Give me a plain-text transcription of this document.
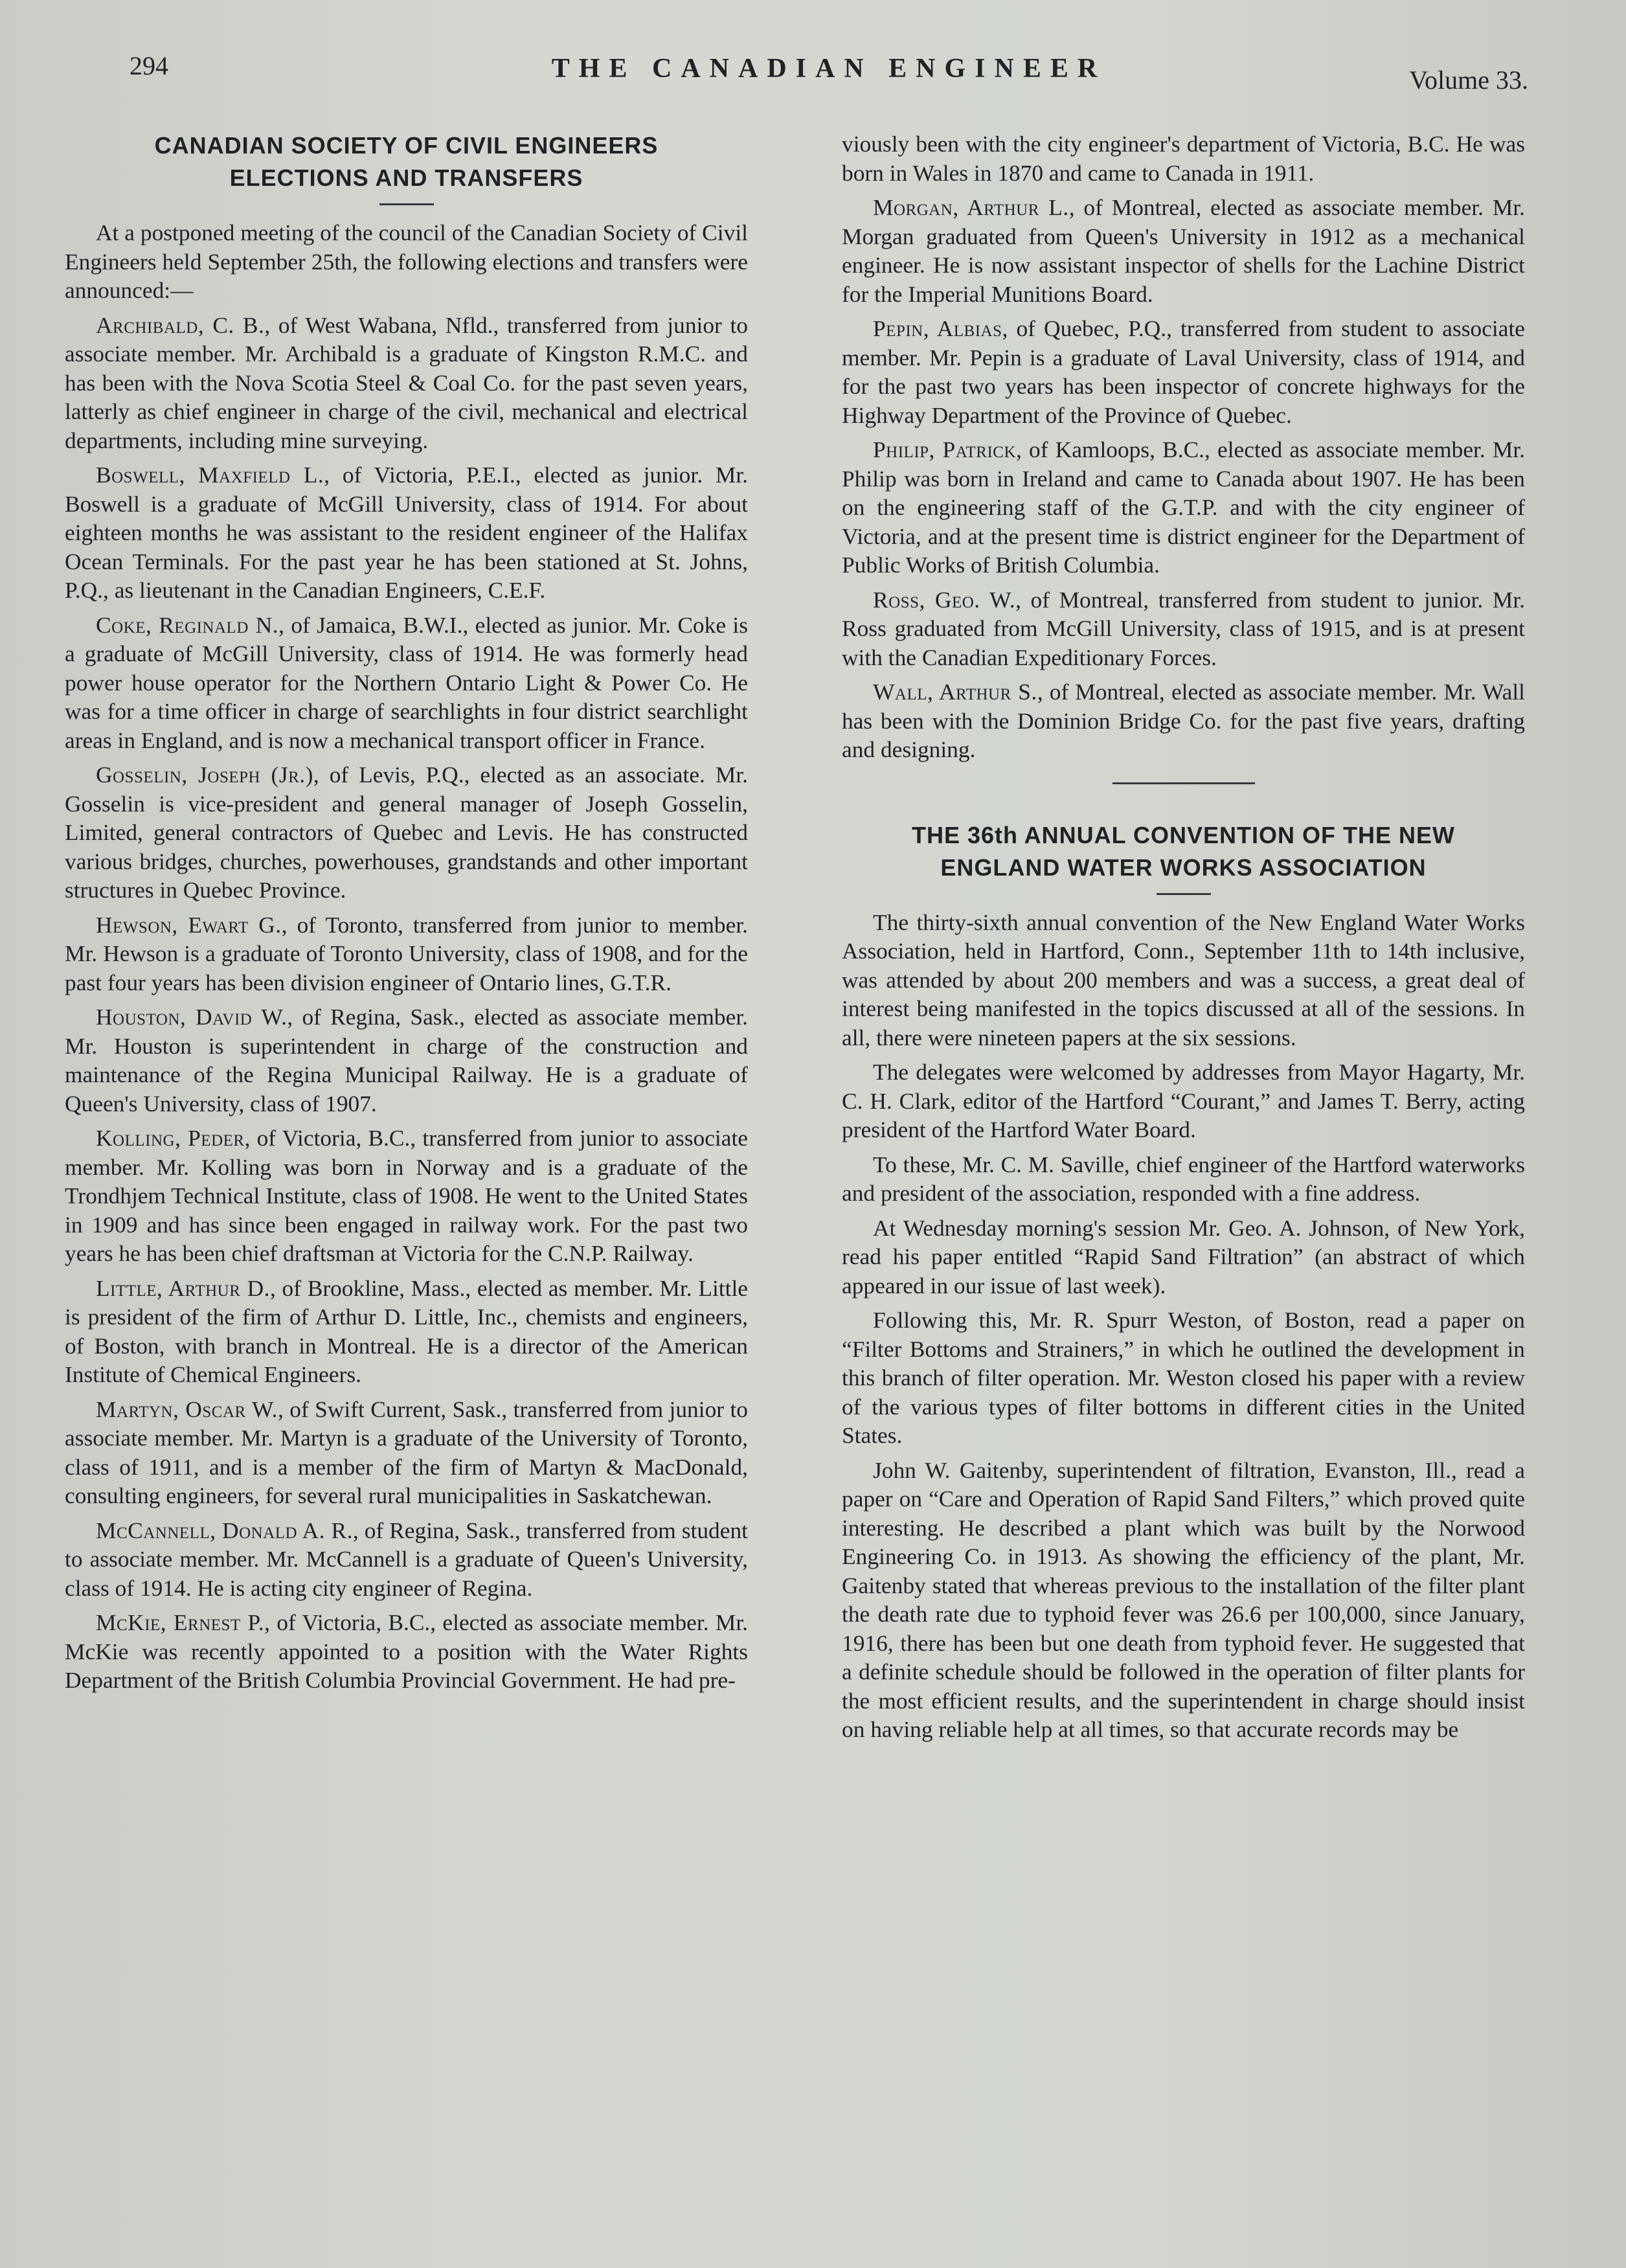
294	THE CANADIAN ENGINEER	Volume 33.
CANADIAN SOCIETY OF CIVIL ENGINEERS
ELECTIONS AND TRANSFERS

At a postponed meeting of the council of the Canadian Society of Civil Engineers held September 25th, the following elections and transfers were announced:—

Archibald, C. B., of West Wabana, Nfld., transferred from junior to associate member. Mr. Archibald is a graduate of Kingston R.M.C. and has been with the Nova Scotia Steel & Coal Co. for the past seven years, latterly as chief engineer in charge of the civil, mechanical and electrical departments, including mine surveying.

Boswell, Maxfield L., of Victoria, P.E.I., elected as junior. Mr. Boswell is a graduate of McGill University, class of 1914. For about eighteen months he was assistant to the resident engineer of the Halifax Ocean Terminals. For the past year he has been stationed at St. Johns, P.Q., as lieutenant in the Canadian Engineers, C.E.F.

Coke, Reginald N., of Jamaica, B.W.I., elected as junior. Mr. Coke is a graduate of McGill University, class of 1914. He was formerly head power house operator for the Northern Ontario Light & Power Co. He was for a time officer in charge of searchlights in four district searchlight areas in England, and is now a mechanical transport officer in France.

Gosselin, Joseph (Jr.), of Levis, P.Q., elected as an associate. Mr. Gosselin is vice-president and general manager of Joseph Gosselin, Limited, general contractors of Quebec and Levis. He has constructed various bridges, churches, powerhouses, grandstands and other important structures in Quebec Province.

Hewson, Ewart G., of Toronto, transferred from junior to member. Mr. Hewson is a graduate of Toronto University, class of 1908, and for the past four years has been division engineer of Ontario lines, G.T.R.

Houston, David W., of Regina, Sask., elected as associate member. Mr. Houston is superintendent in charge of the construction and maintenance of the Regina Municipal Railway. He is a graduate of Queen's University, class of 1907.

Kolling, Peder, of Victoria, B.C., transferred from junior to associate member. Mr. Kolling was born in Norway and is a graduate of the Trondhjem Technical Institute, class of 1908. He went to the United States in 1909 and has since been engaged in railway work. For the past two years he has been chief draftsman at Victoria for the C.N.P. Railway.

Little, Arthur D., of Brookline, Mass., elected as member. Mr. Little is president of the firm of Arthur D. Little, Inc., chemists and engineers, of Boston, with branch in Montreal. He is a director of the American Institute of Chemical Engineers.

Martyn, Oscar W., of Swift Current, Sask., transferred from junior to associate member. Mr. Martyn is a graduate of the University of Toronto, class of 1911, and is a member of the firm of Martyn & MacDonald, consulting engineers, for several rural municipalities in Saskatchewan.

McCannell, Donald A. R., of Regina, Sask., transferred from student to associate member. Mr. McCannell is a graduate of Queen's University, class of 1914. He is acting city engineer of Regina.

McKie, Ernest P., of Victoria, B.C., elected as associate member. Mr. McKie was recently appointed to a position with the Water Rights Department of the British Columbia Provincial Government. He had pre-

viously been with the city engineer's department of Victoria, B.C. He was born in Wales in 1870 and came to Canada in 1911.

Morgan, Arthur L., of Montreal, elected as associate member. Mr. Morgan graduated from Queen's University in 1912 as a mechanical engineer. He is now assistant inspector of shells for the Lachine District for the Imperial Munitions Board.

Pepin, Albias, of Quebec, P.Q., transferred from student to associate member. Mr. Pepin is a graduate of Laval University, class of 1914, and for the past two years has been inspector of concrete highways for the Highway Department of the Province of Quebec.

Philip, Patrick, of Kamloops, B.C., elected as associate member. Mr. Philip was born in Ireland and came to Canada about 1907. He has been on the engineering staff of the G.T.P. and with the city engineer of Victoria, and at the present time is district engineer for the Department of Public Works of British Columbia.

Ross, Geo. W., of Montreal, transferred from student to junior. Mr. Ross graduated from McGill University, class of 1915, and is at present with the Canadian Expeditionary Forces.

Wall, Arthur S., of Montreal, elected as associate member. Mr. Wall has been with the Dominion Bridge Co. for the past five years, drafting and designing.

THE 36th ANNUAL CONVENTION OF THE NEW
ENGLAND WATER WORKS ASSOCIATION

The thirty-sixth annual convention of the New England Water Works Association, held in Hartford, Conn., September 11th to 14th inclusive, was attended by about 200 members and was a success, a great deal of interest being manifested in the topics discussed at all of the sessions. In all, there were nineteen papers at the six sessions.

The delegates were welcomed by addresses from Mayor Hagarty, Mr. C. H. Clark, editor of the Hartford “Courant,” and James T. Berry, acting president of the Hartford Water Board.

To these, Mr. C. M. Saville, chief engineer of the Hartford waterworks and president of the association, responded with a fine address.

At Wednesday morning's session Mr. Geo. A. Johnson, of New York, read his paper entitled “Rapid Sand Filtration” (an abstract of which appeared in our issue of last week).

Following this, Mr. R. Spurr Weston, of Boston, read a paper on “Filter Bottoms and Strainers,” in which he outlined the development in this branch of filter operation. Mr. Weston closed his paper with a review of the various types of filter bottoms in different cities in the United States.

John W. Gaitenby, superintendent of filtration, Evanston, Ill., read a paper on “Care and Operation of Rapid Sand Filters,” which proved quite interesting. He described a plant which was built by the Norwood Engineering Co. in 1913. As showing the efficiency of the plant, Mr. Gaitenby stated that whereas previous to the installation of the filter plant the death rate due to typhoid fever was 26.6 per 100,000, since January, 1916, there has been but one death from typhoid fever. He suggested that a definite schedule should be followed in the operation of filter plants for the most efficient results, and the superintendent in charge should insist on having reliable help at all times, so that accurate records may be
